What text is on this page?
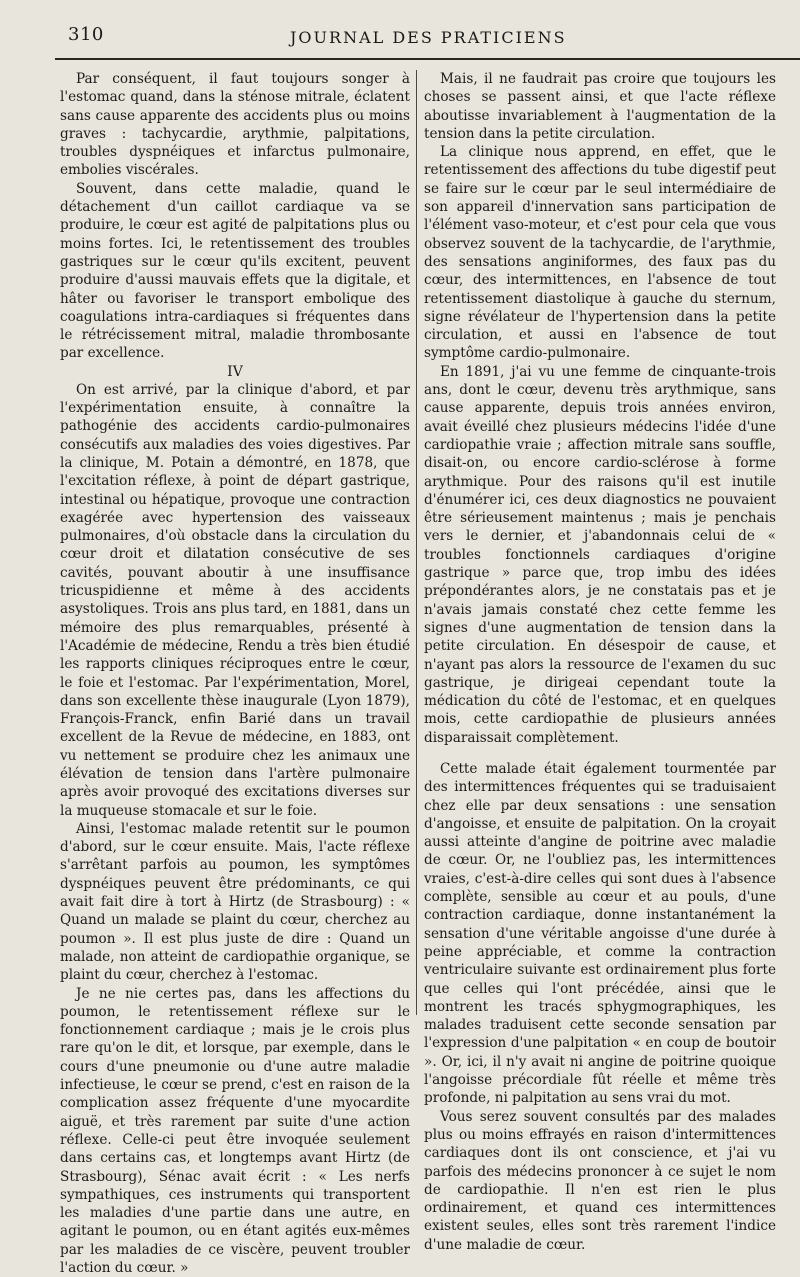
310	JOURNAL DES PRATICIENS

Par conséquent, il faut toujours songer à l'estomac quand, dans la sténose mitrale, éclatent sans cause apparente des accidents plus ou moins graves : tachycardie, arythmie, palpitations, troubles dyspnéiques et infarctus pulmonaire, embolies viscérales.

Souvent, dans cette maladie, quand le détachement d'un caillot cardiaque va se produire, le cœur est agité de palpitations plus ou moins fortes. Ici, le retentissement des troubles gastriques sur le cœur qu'ils excitent, peuvent produire d'aussi mauvais effets que la digitale, et hâter ou favoriser le transport embolique des coagulations intra-cardiaques si fréquentes dans le rétrécissement mitral, maladie thrombosante par excellence.

IV

On est arrivé, par la clinique d'abord, et par l'expérimentation ensuite, à connaître la pathogénie des accidents cardio-pulmonaires consécutifs aux maladies des voies digestives. Par la clinique, M. Potain a démontré, en 1878, que l'excitation réflexe, à point de départ gastrique, intestinal ou hépatique, provoque une contraction exagérée avec hypertension des vaisseaux pulmonaires, d'où obstacle dans la circulation du cœur droit et dilatation consécutive de ses cavités, pouvant aboutir à une insuffisance tricuspidienne et même à des accidents asystoliques. Trois ans plus tard, en 1881, dans un mémoire des plus remarquables, présenté à l'Académie de médecine, Rendu a très bien étudié les rapports cliniques réciproques entre le cœur, le foie et l'estomac. Par l'expérimentation, Morel, dans son excellente thèse inaugurale (Lyon 1879), François-Franck, enfin Barié dans un travail excellent de la Revue de médecine, en 1883, ont vu nettement se produire chez les animaux une élévation de tension dans l'artère pulmonaire après avoir provoqué des excitations diverses sur la muqueuse stomacale et sur le foie.

Ainsi, l'estomac malade retentit sur le poumon d'abord, sur le cœur ensuite. Mais, l'acte réflexe s'arrêtant parfois au poumon, les symptômes dyspnéiques peuvent être prédominants, ce qui avait fait dire à tort à Hirtz (de Strasbourg) : « Quand un malade se plaint du cœur, cherchez au poumon ». Il est plus juste de dire : Quand un malade, non atteint de cardiopathie organique, se plaint du cœur, cherchez à l'estomac.

Je ne nie certes pas, dans les affections du poumon, le retentissement réflexe sur le fonctionnement cardiaque ; mais je le crois plus rare qu'on le dit, et lorsque, par exemple, dans le cours d'une pneumonie ou d'une autre maladie infectieuse, le cœur se prend, c'est en raison de la complication assez fréquente d'une myocardite aiguë, et très rarement par suite d'une action réflexe. Celle-ci peut être invoquée seulement dans certains cas, et longtemps avant Hirtz (de Strasbourg), Sénac avait écrit : « Les nerfs sympathiques, ces instruments qui transportent les maladies d'une partie dans une autre, en agitant le poumon, ou en étant agités eux-mêmes par les maladies de ce viscère, peuvent troubler l'action du cœur. »

Mais, il ne faudrait pas croire que toujours les choses se passent ainsi, et que l'acte réflexe aboutisse invariablement à l'augmentation de la tension dans la petite circulation.

La clinique nous apprend, en effet, que le retentissement des affections du tube digestif peut se faire sur le cœur par le seul intermédiaire de son appareil d'innervation sans participation de l'élément vaso-moteur, et c'est pour cela que vous observez souvent de la tachycardie, de l'arythmie, des sensations anginiformes, des faux pas du cœur, des intermittences, en l'absence de tout retentissement diastolique à gauche du sternum, signe révélateur de l'hypertension dans la petite circulation, et aussi en l'absence de tout symptôme cardio-pulmonaire.

En 1891, j'ai vu une femme de cinquante-trois ans, dont le cœur, devenu très arythmique, sans cause apparente, depuis trois années environ, avait éveillé chez plusieurs médecins l'idée d'une cardiopathie vraie ; affection mitrale sans souffle, disait-on, ou encore cardio-sclérose à forme arythmique. Pour des raisons qu'il est inutile d'énumérer ici, ces deux diagnostics ne pouvaient être sérieusement maintenus ; mais je penchais vers le dernier, et j'abandonnais celui de « troubles fonctionnels cardiaques d'origine gastrique » parce que, trop imbu des idées prépondérantes alors, je ne constatais pas et je n'avais jamais constaté chez cette femme les signes d'une augmentation de tension dans la petite circulation. En désespoir de cause, et n'ayant pas alors la ressource de l'examen du suc gastrique, je dirigeai cependant toute la médication du côté de l'estomac, et en quelques mois, cette cardiopathie de plusieurs années disparaissait complètement.

Cette malade était également tourmentée par des intermittences fréquentes qui se traduisaient chez elle par deux sensations : une sensation d'angoisse, et ensuite de palpitation. On la croyait aussi atteinte d'angine de poitrine avec maladie de cœur. Or, ne l'oubliez pas, les intermittences vraies, c'est-à-dire celles qui sont dues à l'absence complète, sensible au cœur et au pouls, d'une contraction cardiaque, donne instantanément la sensation d'une véritable angoisse d'une durée à peine appréciable, et comme la contraction ventriculaire suivante est ordinairement plus forte que celles qui l'ont précédée, ainsi que le montrent les tracés sphygmographiques, les malades traduisent cette seconde sensation par l'expression d'une palpitation « en coup de boutoir ». Or, ici, il n'y avait ni angine de poitrine quoique l'angoisse précordiale fût réelle et même très profonde, ni palpitation au sens vrai du mot.

Vous serez souvent consultés par des malades plus ou moins effrayés en raison d'intermittences cardiaques dont ils ont conscience, et j'ai vu parfois des médecins prononcer à ce sujet le nom de cardiopathie. Il n'en est rien le plus ordinairement, et quand ces intermittences existent seules, elles sont très rarement l'indice d'une maladie de cœur.
